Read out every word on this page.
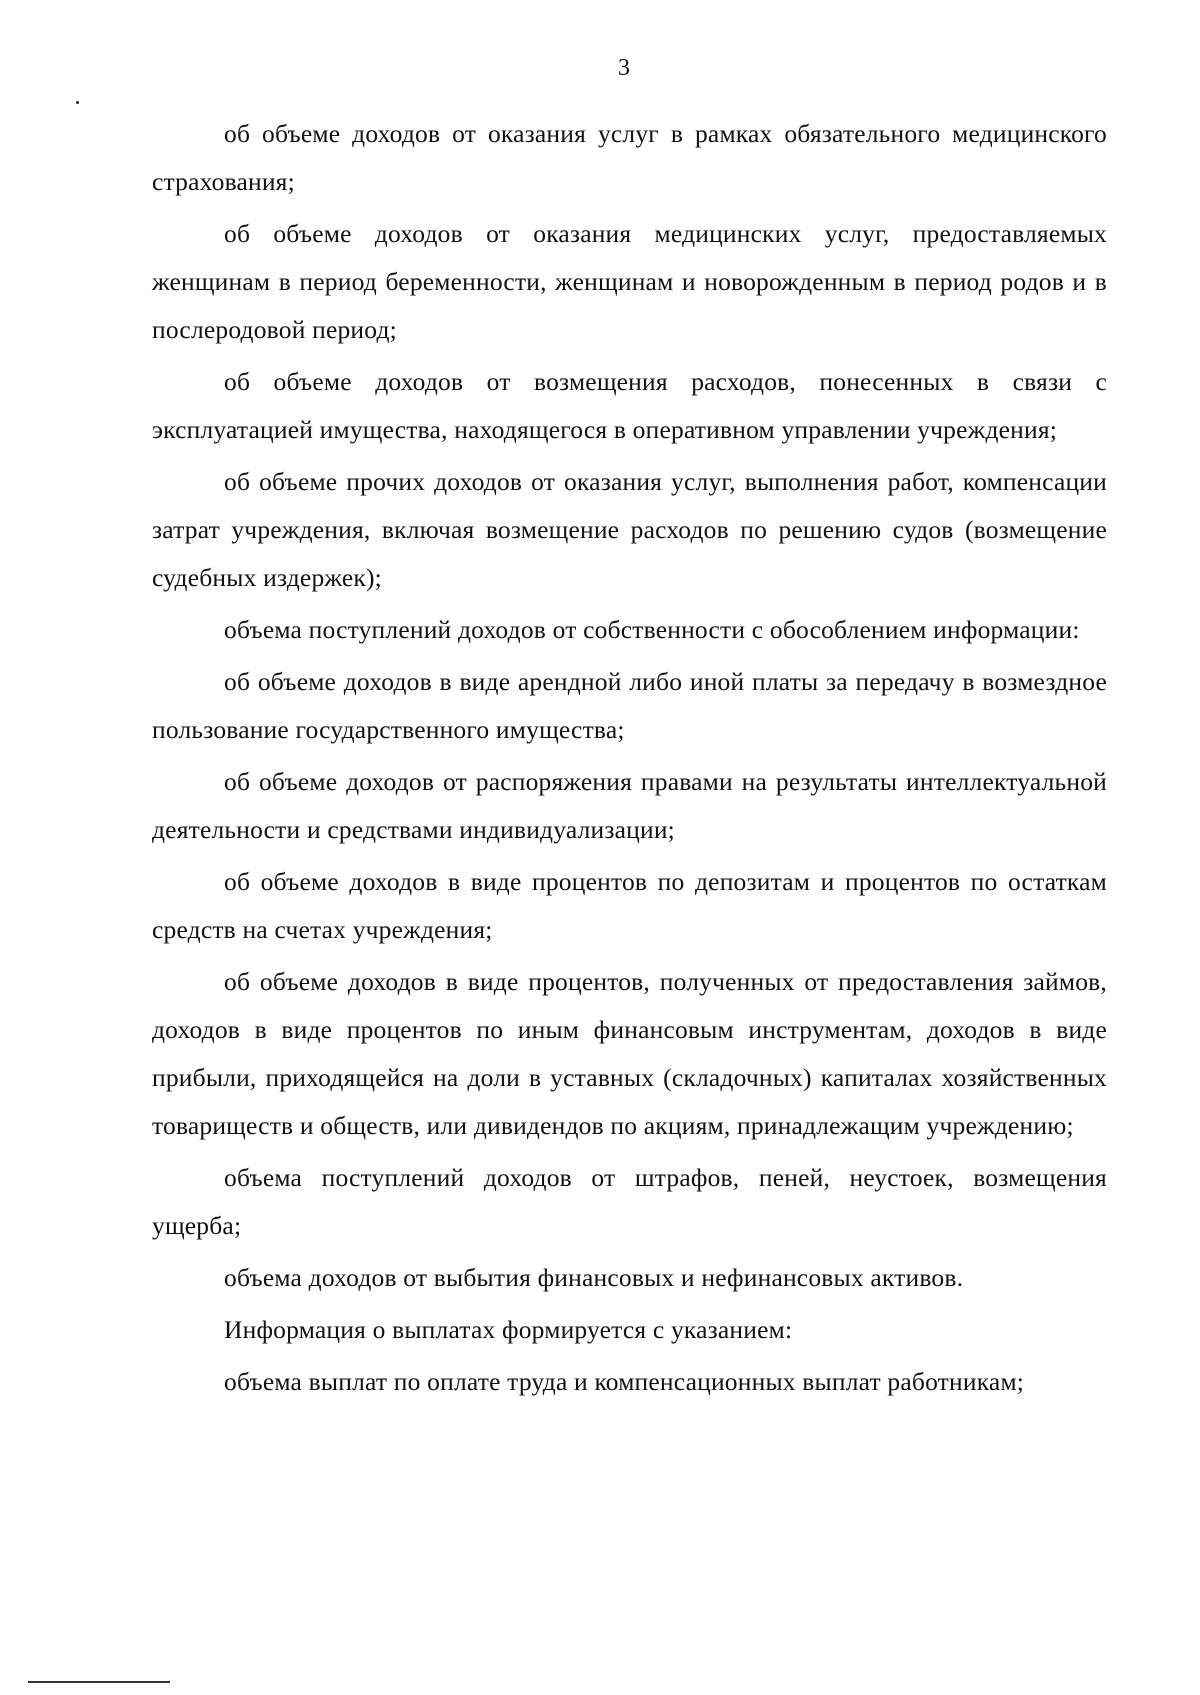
3

об объеме доходов от оказания услуг в рамках обязательного медицинского страхования;

об объеме доходов от оказания медицинских услуг, предоставляемых женщинам в период беременности, женщинам и новорожденным в период родов и в послеродовой период;

об объеме доходов от возмещения расходов, понесенных в связи с эксплуатацией имущества, находящегося в оперативном управлении учреждения;

об объеме прочих доходов от оказания услуг, выполнения работ, компенсации затрат учреждения, включая возмещение расходов по решению судов (возмещение судебных издержек);

объема поступлений доходов от собственности с обособлением информации:

об объеме доходов в виде арендной либо иной платы за передачу в возмездное пользование государственного имущества;

об объеме доходов от распоряжения правами на результаты интеллектуальной деятельности и средствами индивидуализации;

об объеме доходов в виде процентов по депозитам и процентов по остаткам средств на счетах учреждения;

об объеме доходов в виде процентов, полученных от предоставления займов, доходов в виде процентов по иным финансовым инструментам, доходов в виде прибыли, приходящейся на доли в уставных (складочных) капиталах хозяйственных товариществ и обществ, или дивидендов по акциям, принадлежащим учреждению;

объема поступлений доходов от штрафов, пеней, неустоек, возмещения ущерба;

объема доходов от выбытия финансовых и нефинансовых активов.

Информация о выплатах формируется с указанием:

объема выплат по оплате труда и компенсационных выплат работникам;
